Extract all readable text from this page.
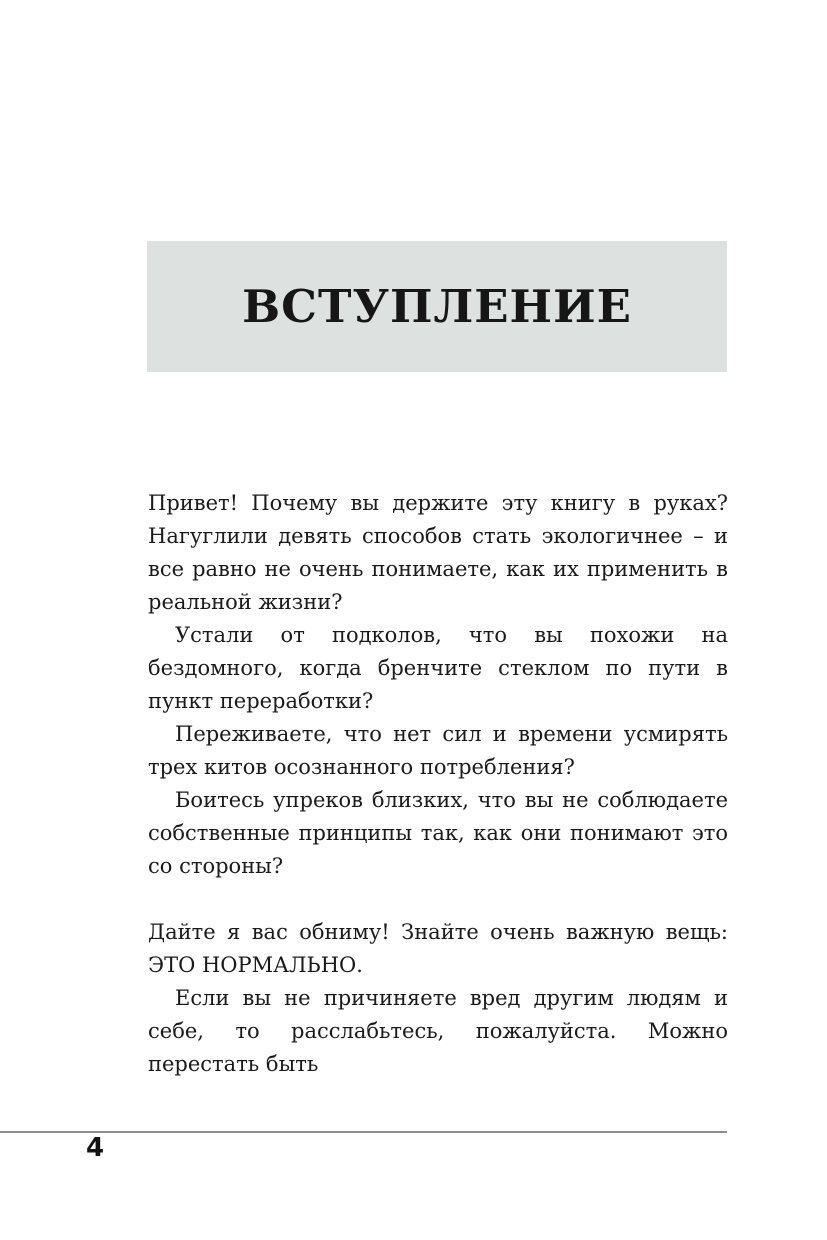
ВСТУПЛЕНИЕ

Привет! Почему вы держите эту книгу в руках? Нагуглили девять способов стать экологичнее – и все равно не очень понимаете, как их применить в реальной жизни?

Устали от подколов, что вы похожи на бездомного, когда бренчите стеклом по пути в пункт переработки?

Переживаете, что нет сил и времени усмирять трех китов осознанного потребления?

Боитесь упреков близких, что вы не соблюдаете собственные принципы так, как они понимают это со стороны?

Дайте я вас обниму! Знайте очень важную вещь: ЭТО НОРМАЛЬНО.

Если вы не причиняете вред другим людям и себе, то расслабьтесь, пожалуйста. Можно перестать быть

4
